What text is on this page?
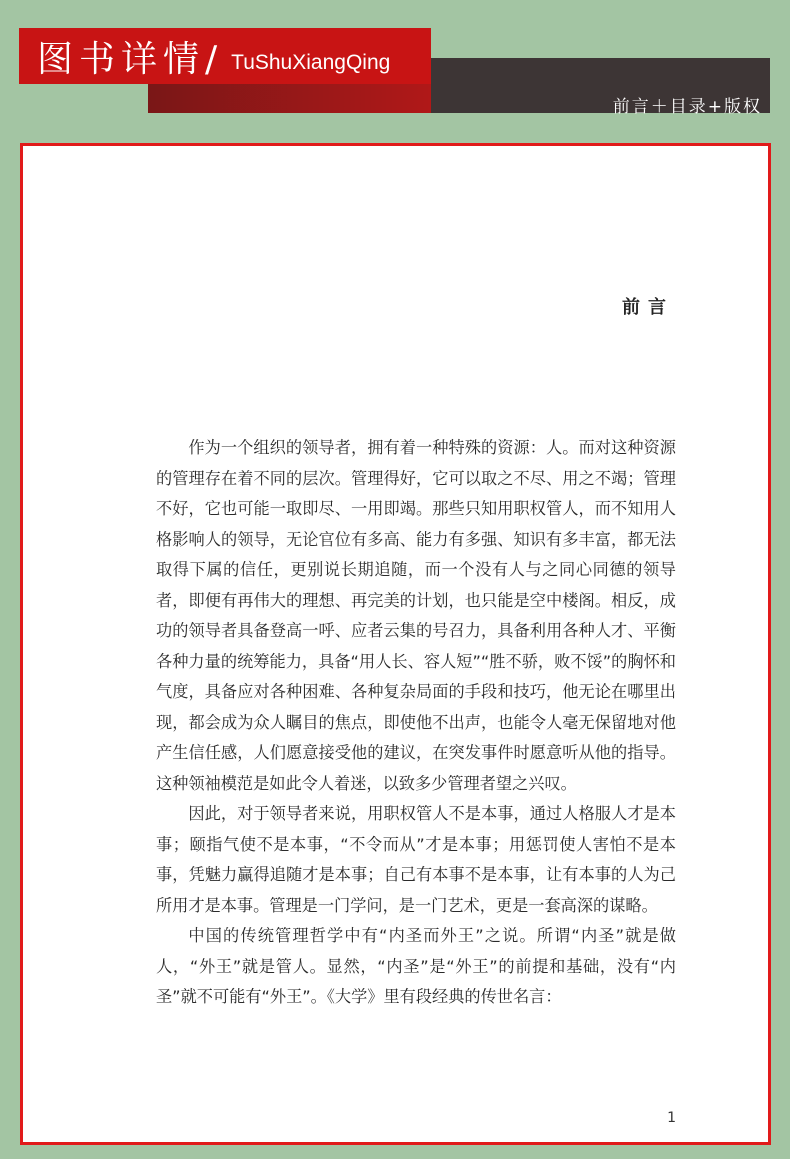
图书详情/ TuShuXiangQing
前言＋目录+版权
前言

作为一个组织的领导者，拥有着一种特殊的资源：人。而对这种资源的管理存在着不同的层次。管理得好，它可以取之不尽、用之不竭；管理不好，它也可能一取即尽、一用即竭。那些只知用职权管人，而不知用人格影响人的领导，无论官位有多高、能力有多强、知识有多丰富，都无法取得下属的信任，更别说长期追随，而一个没有人与之同心同德的领导者，即便有再伟大的理想、再完美的计划，也只能是空中楼阁。相反，成功的领导者具备登高一呼、应者云集的号召力，具备利用各种人才、平衡各种力量的统筹能力，具备“用人长、容人短”“胜不骄，败不馁”的胸怀和气度，具备应对各种困难、各种复杂局面的手段和技巧，他无论在哪里出现，都会成为众人瞩目的焦点，即使他不出声，也能令人毫无保留地对他产生信任感，人们愿意接受他的建议，在突发事件时愿意听从他的指导。这种领袖模范是如此令人着迷，以致多少管理者望之兴叹。

因此，对于领导者来说，用职权管人不是本事，通过人格服人才是本事；颐指气使不是本事，“不令而从”才是本事；用惩罚使人害怕不是本事，凭魅力赢得追随才是本事；自己有本事不是本事，让有本事的人为己所用才是本事。管理是一门学问，是一门艺术，更是一套高深的谋略。

中国的传统管理哲学中有“内圣而外王”之说。所谓“内圣”就是做人，“外王”就是管人。显然，“内圣”是“外王”的前提和基础，没有“内圣”就不可能有“外王”。《大学》里有段经典的传世名言：

1
